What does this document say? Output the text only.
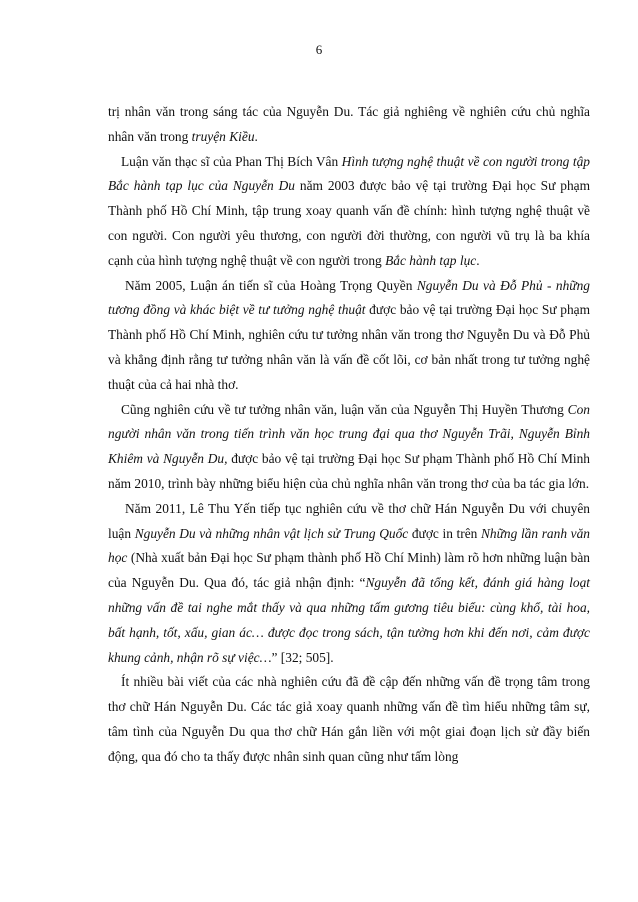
6

trị nhân văn trong sáng tác của Nguyễn Du. Tác giả nghiêng về nghiên cứu chủ nghĩa nhân văn trong truyện Kiều.

Luận văn thạc sĩ của Phan Thị Bích Vân Hình tượng nghệ thuật về con người trong tập Bắc hành tạp lục của Nguyễn Du năm 2003 được bảo vệ tại trường Đại học Sư phạm Thành phố Hồ Chí Minh, tập trung xoay quanh vấn đề chính: hình tượng nghệ thuật về con người. Con người yêu thương, con người đời thường, con người vũ trụ là ba khía cạnh của hình tượng nghệ thuật về con người trong Bắc hành tạp lục.

Năm 2005, Luận án tiến sĩ của Hoàng Trọng Quyền Nguyễn Du và Đỗ Phủ - những tương đồng và khác biệt về tư tưởng nghệ thuật được bảo vệ tại trường Đại học Sư phạm Thành phố Hồ Chí Minh, nghiên cứu tư tưởng nhân văn trong thơ Nguyễn Du và Đỗ Phủ và khẳng định rằng tư tưởng nhân văn là vấn đề cốt lõi, cơ bản nhất trong tư tưởng nghệ thuật của cả hai nhà thơ.

Cũng nghiên cứu về tư tưởng nhân văn, luận văn của Nguyễn Thị Huyền Thương Con người nhân văn trong tiến trình văn học trung đại qua thơ Nguyễn Trãi, Nguyễn Bỉnh Khiêm và Nguyễn Du, được bảo vệ tại trường Đại học Sư phạm Thành phố Hồ Chí Minh năm 2010, trình bày những biểu hiện của chủ nghĩa nhân văn trong thơ của ba tác gia lớn.

Năm 2011, Lê Thu Yến tiếp tục nghiên cứu về thơ chữ Hán Nguyễn Du với chuyên luận Nguyễn Du và những nhân vật lịch sử Trung Quốc được in trên Những lần ranh văn học (Nhà xuất bản Đại học Sư phạm thành phố Hồ Chí Minh) làm rõ hơn những luận bàn của Nguyễn Du. Qua đó, tác giả nhận định: “Nguyễn đã tổng kết, đánh giá hàng loạt những vấn đề tai nghe mắt thấy và qua những tấm gương tiêu biểu: cùng khổ, tài hoa, bất hạnh, tốt, xấu, gian ác… được đọc trong sách, tận tường hơn khi đến nơi, cảm được khung cảnh, nhận rõ sự việc…” [32; 505].

Ít nhiều bài viết của các nhà nghiên cứu đã đề cập đến những vấn đề trọng tâm trong thơ chữ Hán Nguyễn Du. Các tác giả xoay quanh những vấn đề tìm hiểu những tâm sự, tâm tình của Nguyễn Du qua thơ chữ Hán gắn liền với một giai đoạn lịch sử đầy biến động, qua đó cho ta thấy được nhân sinh quan cũng như tấm lòng
